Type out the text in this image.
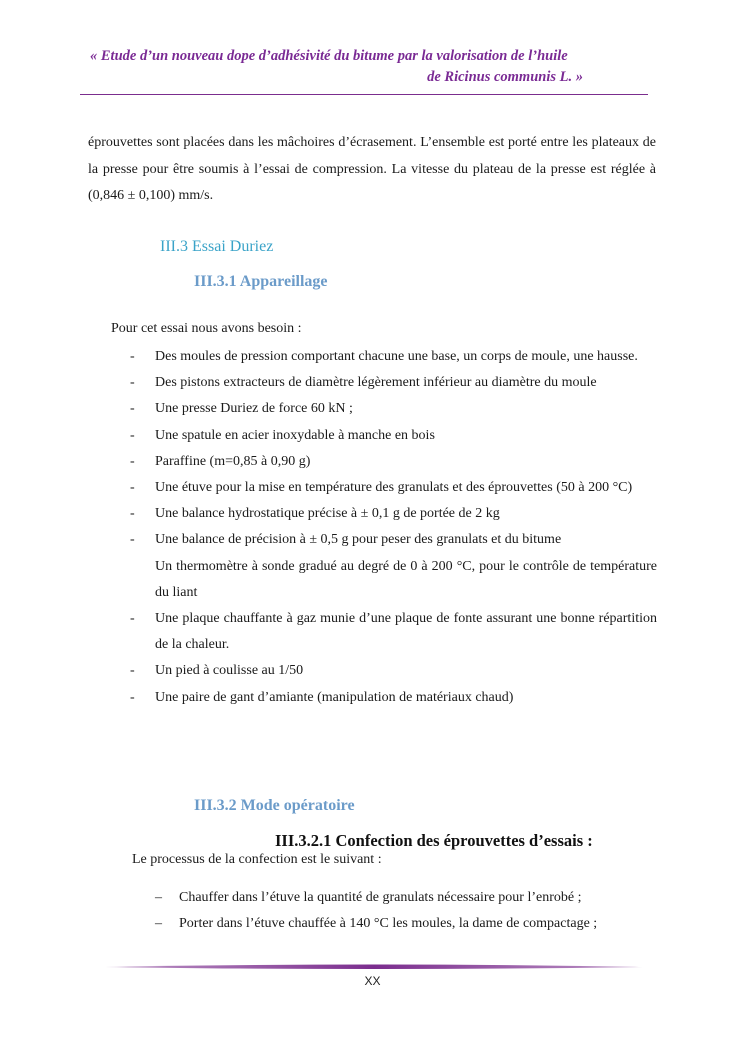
« Etude d’un nouveau dope d’adhésivité du bitume par la valorisation de l’huile
de Ricinus communis L. »
éprouvettes sont placées dans les mâchoires d’écrasement. L’ensemble est porté entre les plateaux de la presse pour être soumis à l’essai de compression. La vitesse du plateau de la presse est réglée à (0,846 ± 0,100) mm/s.
III.3 Essai Duriez
III.3.1 Appareillage
Pour cet essai nous avons besoin :
- Des moules de pression comportant chacune une base, un corps de moule, une hausse.
- Des pistons extracteurs de diamètre légèrement inférieur au diamètre du moule
- Une presse Duriez de force 60 kN ;
- Une spatule en acier inoxydable à manche en bois
- Paraffine (m=0,85 à 0,90 g)
- Une étuve pour la mise en température des granulats et des éprouvettes (50 à 200 °C)
- Une balance hydrostatique précise à ± 0,1 g de portée de 2 kg
- Une balance de précision à ± 0,5 g pour peser des granulats et du bitume
Un thermomètre à sonde gradué au degré de 0 à 200 °C, pour le contrôle de température du liant
- Une plaque chauffante à gaz munie d’une plaque de fonte assurant une bonne répartition de la chaleur.
- Un pied à coulisse au 1/50
- Une paire de gant d’amiante (manipulation de matériaux chaud)
III.3.2 Mode opératoire
III.3.2.1 Confection des éprouvettes d’essais :
Le processus de la confection est le suivant :
– Chauffer dans l’étuve la quantité de granulats nécessaire pour l’enrobé ;
– Porter dans l’étuve chauffée à 140 °C les moules, la dame de compactage ;
XX
